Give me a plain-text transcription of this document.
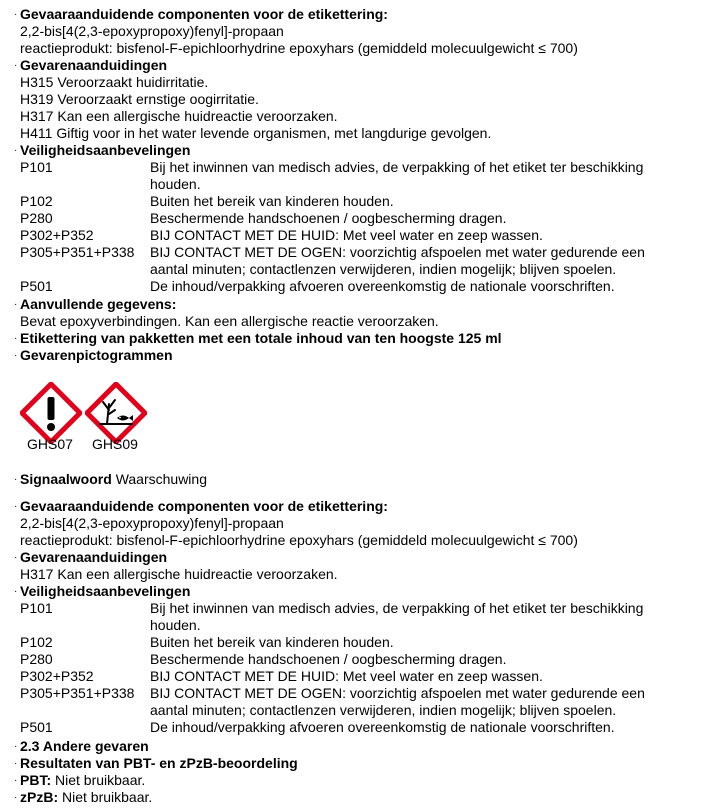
· Gevaaraanduidende componenten voor de etikettering:
2,2-bis[4(2,3-epoxypropoxy)fenyl]-propaan
reactieprodukt: bisfenol-F-epichloorhydrine epoxyhars (gemiddeld molecuulgewicht ≤ 700)
· Gevarenaanduidingen
H315 Veroorzaakt huidirritatie.
H319 Veroorzaakt ernstige oogirritatie.
H317 Kan een allergische huidreactie veroorzaken.
H411 Giftig voor in het water levende organismen, met langdurige gevolgen.
· Veiligheidsaanbevelingen
P101	Bij het inwinnen van medisch advies, de verpakking of het etiket ter beschikking
houden.
P102	Buiten het bereik van kinderen houden.
P280	Beschermende handschoenen / oogbescherming dragen.
P302+P352	BIJ CONTACT MET DE HUID: Met veel water en zeep wassen.
P305+P351+P338 BIJ CONTACT MET DE OGEN: voorzichtig afspoelen met water gedurende een
aantal minuten; contactlenzen verwijderen, indien mogelijk; blijven spoelen.
P501	De inhoud/verpakking afvoeren overeenkomstig de nationale voorschriften.
· Aanvullende gegevens:
Bevat epoxyverbindingen. Kan een allergische reactie veroorzaken.
· Etikettering van pakketten met een totale inhoud van ten hoogste 125 ml
· Gevarenpictogrammen
GHS07 GHS09
· Signaalwoord Waarschuwing
· Gevaaraanduidende componenten voor de etikettering:
2,2-bis[4(2,3-epoxypropoxy)fenyl]-propaan
reactieprodukt: bisfenol-F-epichloorhydrine epoxyhars (gemiddeld molecuulgewicht ≤ 700)
· Gevarenaanduidingen
H317 Kan een allergische huidreactie veroorzaken.
· Veiligheidsaanbevelingen
P101	Bij het inwinnen van medisch advies, de verpakking of het etiket ter beschikking
houden.
P102	Buiten het bereik van kinderen houden.
P280	Beschermende handschoenen / oogbescherming dragen.
P302+P352	BIJ CONTACT MET DE HUID: Met veel water en zeep wassen.
P305+P351+P338 BIJ CONTACT MET DE OGEN: voorzichtig afspoelen met water gedurende een
aantal minuten; contactlenzen verwijderen, indien mogelijk; blijven spoelen.
P501	De inhoud/verpakking afvoeren overeenkomstig de nationale voorschriften.
· 2.3 Andere gevaren
· Resultaten van PBT- en zPzB-beoordeling
· PBT: Niet bruikbaar.
· zPzB: Niet bruikbaar.
